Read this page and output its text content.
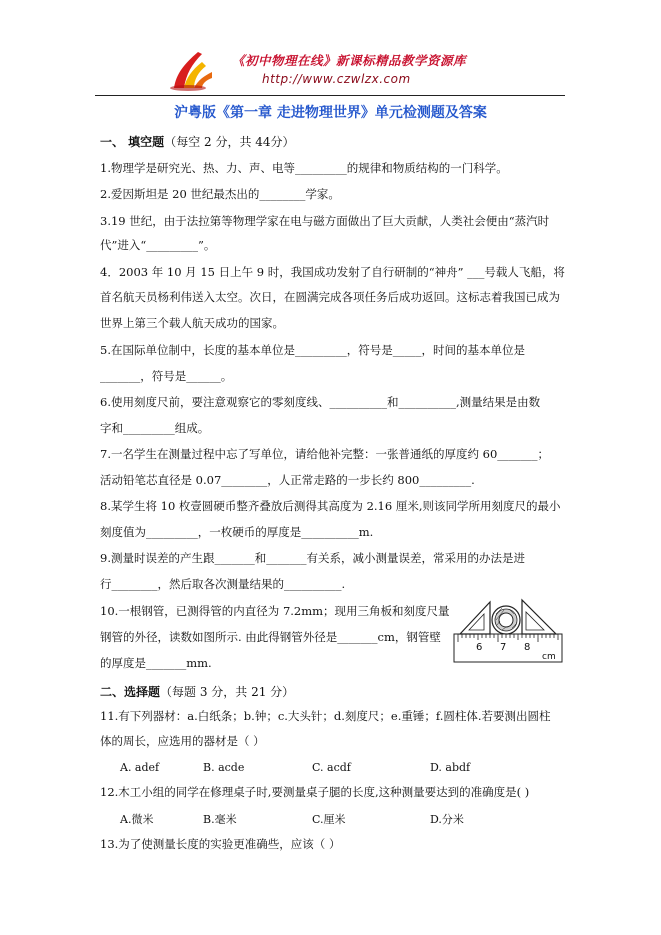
《初中物理在线》新课标精品教学资源库
http://www.czwlzx.com
沪粤版《第一章 走进物理世界》单元检测题及答案
一、 填空题（每空 2 分，共 44分）
1.物理学是研究光、热、力、声、电等_________的规律和物质结构的一门科学。
2.爱因斯坦是 20 世纪最杰出的________学家。
3.19 世纪，由于法拉第等物理学家在电与磁方面做出了巨大贡献，人类社会便由“蒸汽时
代”进入“_________”。
4．2003 年 10 月 15 日上午 9 时，我国成功发射了自行研制的“神舟” ___号载人飞船，将
首名航天员杨利伟送入太空。次日，在圆满完成各项任务后成功返回。这标志着我国已成为
世界上第三个载人航天成功的国家。
5.在国际单位制中，长度的基本单位是_________，符号是_____，时间的基本单位是
_______，符号是______。
6.使用刻度尺前，要注意观察它的零刻度线、__________和__________,测量结果是由数
字和_________组成。
7.一名学生在测量过程中忘了写单位，请给他补完整：一张普通纸的厚度约 60_______；
活动铅笔芯直径是 0.07________，人正常走路的一步长约 800_________.
8.某学生将 10 枚壹圆硬币整齐叠放后测得其高度为 2.16 厘米,则该同学所用刻度尺的最小
刻度值为_________，一枚硬币的厚度是__________m.
9.测量时误差的产生跟_______和_______有关系，减小测量误差，常采用的办法是进
行________，然后取各次测量结果的__________.
10.一根钢管，已测得管的内直径为 7.2mm；现用三角板和刻度尺量
钢管的外径，读数如图所示. 由此得钢管外径是_______cm，钢管壁
的厚度是_______mm.
6 7 8
cm
二、选择题（每题 3 分，共 21 分）
11.有下列器材：a.白纸条；b.钟；c.大头针；d.刻度尺；e.重锤；f.圆柱体.若要测出圆柱
体的周长，应选用的器材是（ ）
A. adef	B. acde	C. acdf	D. abdf
12.木工小组的同学在修理桌子时,要测量桌子腿的长度,这种测量要达到的准确度是( )
A.微米	B.毫米	C.厘米	D.分米
13.为了使测量长度的实验更准确些，应该（ ）
